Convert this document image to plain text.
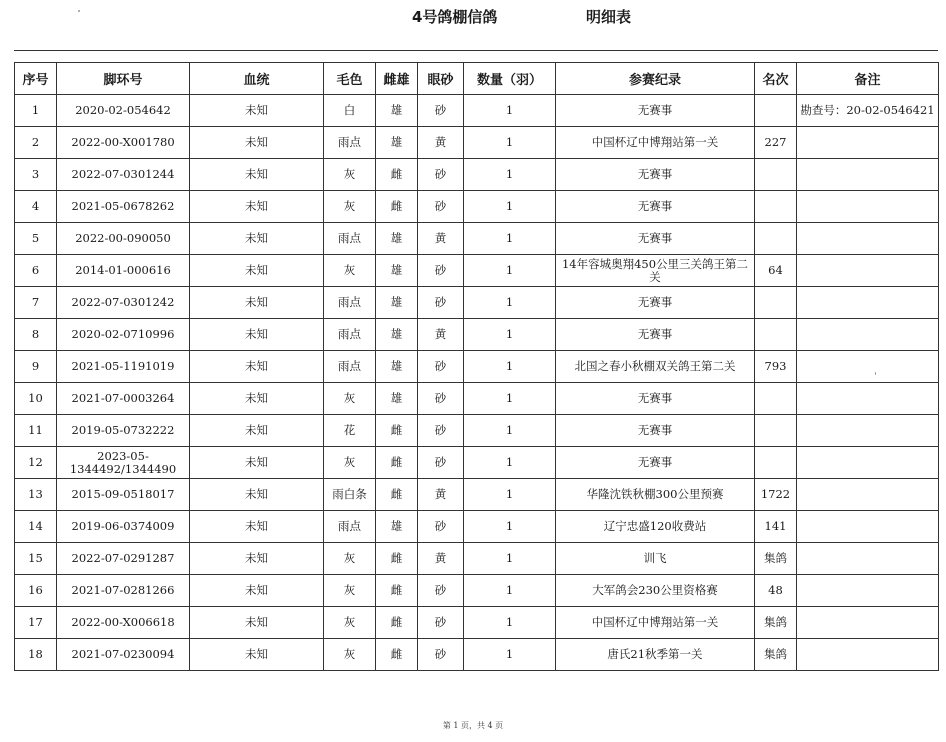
4号鸽棚信鸽	明细表
序号	脚环号	血统	毛色	雌雄	眼砂	数量（羽）	参赛纪录	名次	备注
1	2020-02-054642	未知	白	雄	砂	1	无赛事		勘查号：20-02-0546421
2	2022-00-X001780	未知	雨点	雄	黄	1	中国杯辽中博翔站第一关	227	
3	2022-07-0301244	未知	灰	雌	砂	1	无赛事		
4	2021-05-0678262	未知	灰	雌	砂	1	无赛事		
5	2022-00-090050	未知	雨点	雄	黄	1	无赛事		
6	2014-01-000616	未知	灰	雄	砂	1	14年容城奥翔450公里三关鸽王第二关	64	
7	2022-07-0301242	未知	雨点	雄	砂	1	无赛事		
8	2020-02-0710996	未知	雨点	雄	黄	1	无赛事		
9	2021-05-1191019	未知	雨点	雄	砂	1	北国之春小秋棚双关鸽王第二关	793	
10	2021-07-0003264	未知	灰	雄	砂	1	无赛事		
11	2019-05-0732222	未知	花	雌	砂	1	无赛事		
12	2023-05-1344492/1344490	未知	灰	雌	砂	1	无赛事		
13	2015-09-0518017	未知	雨白条	雌	黄	1	华隆沈铁秋棚300公里预赛	1722	
14	2019-06-0374009	未知	雨点	雄	砂	1	辽宁忠盛120收费站	141	
15	2022-07-0291287	未知	灰	雌	黄	1	训飞	集鸽	
16	2021-07-0281266	未知	灰	雌	砂	1	大军鸽会230公里资格赛	48	
17	2022-00-X006618	未知	灰	雌	砂	1	中国杯辽中博翔站第一关	集鸽	
18	2021-07-0230094	未知	灰	雌	砂	1	唐氏21秋季第一关	集鸽	
第 1 页，共 4 页
